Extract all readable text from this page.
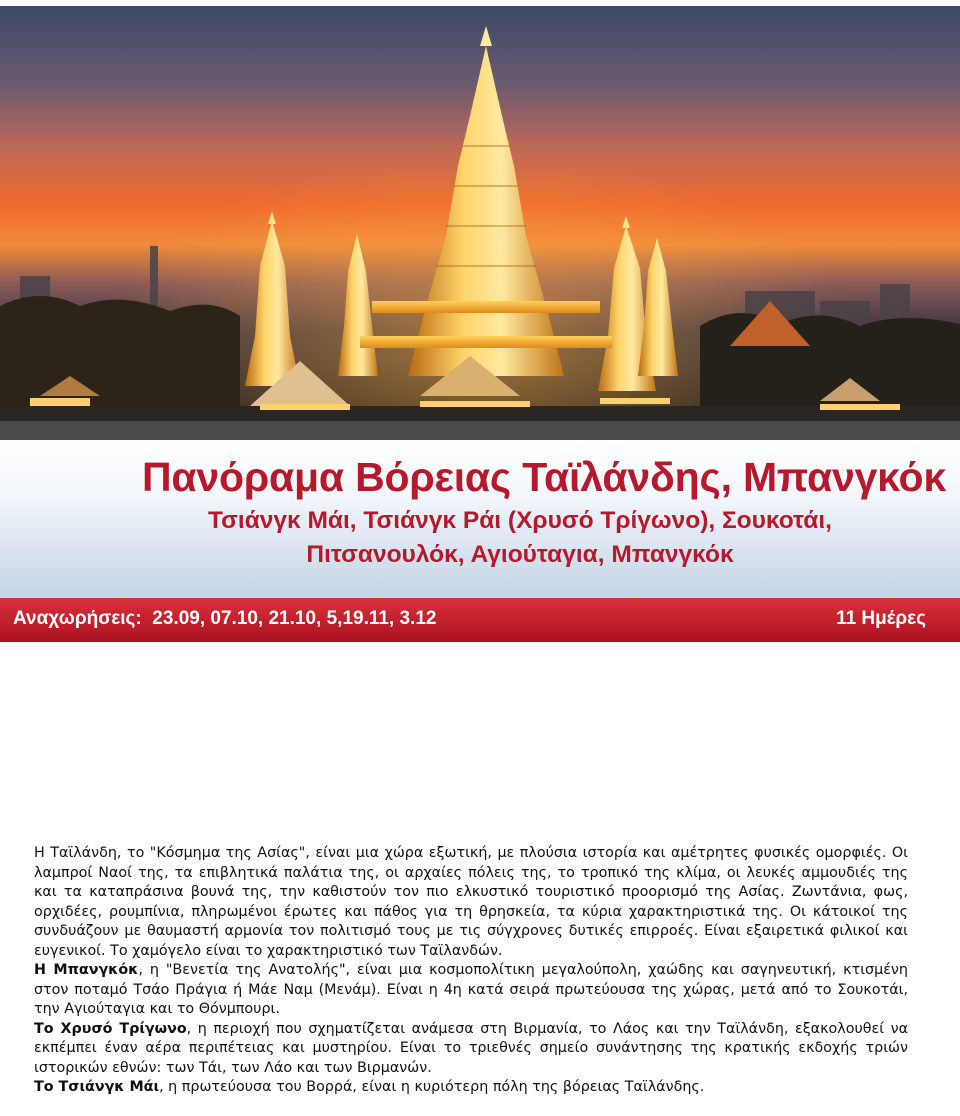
Πανόραμα Βόρειας Ταϊλάνδης, Μπανγκόκ
Τσιάνγκ Μάι, Τσιάνγκ Ράι (Χρυσό Τρίγωνο), Σουκοτάι,
Πιτσανουλόκ, Αγιούταγια, Μπανγκόκ
Αναχωρήσεις: 23.09, 07.10, 21.10, 5,19.11, 3.12	11 Ημέρες

Η Ταϊλάνδη, το "Κόσμημα της Ασίας", είναι μια χώρα εξωτική, με πλούσια ιστορία και αμέτρητες φυσικές ομορφιές. Οι λαμπροί Ναοί της, τα επιβλητικά παλάτια της, οι αρχαίες πόλεις της, το τροπικό της κλίμα, οι λευκές αμμουδιές της και τα καταπράσινα βουνά της, την καθιστούν τον πιο ελκυστικό τουριστικό προορισμό της Ασίας. Ζωντάνια, φως, ορχιδέες, ρουμπίνια, πληρωμένοι έρωτες και πάθος για τη θρησκεία, τα κύρια χαρακτηριστικά της. Οι κάτοικοί της συνδυάζουν με θαυμαστή αρμονία τον πολιτισμό τους με τις σύγχρονες δυτικές επιρροές. Είναι εξαιρετικά φιλικοί και ευγενικοί. Το χαμόγελο είναι το χαρακτηριστικό των Ταϊλανδών.

Η Μπανγκόκ, η "Βενετία της Ανατολής", είναι μια κοσμοπολίτικη μεγαλούπολη, χαώδης και σαγηνευτική, κτισμένη στον ποταμό Τσάο Πράγια ή Μάε Ναμ (Μενάμ). Είναι η 4η κατά σειρά πρωτεύουσα της χώρας, μετά από το Σουκοτάι, την Αγιούταγια και το Θόνμπουρι.

Το Χρυσό Τρίγωνο, η περιοχή που σχηματίζεται ανάμεσα στη Βιρμανία, το Λάος και την Ταϊλάνδη, εξακολουθεί να εκπέμπει έναν αέρα περιπέτειας και μυστηρίου. Είναι το τριεθνές σημείο συνάντησης της κρατικής εκδοχής τριών ιστορικών εθνών: των Τάι, των Λάο και των Βιρμανών.

Το Τσιάνγκ Μάι, η πρωτεύουσα του Βορρά, είναι η κυριότερη πόλη της βόρειας Ταϊλάνδης.
